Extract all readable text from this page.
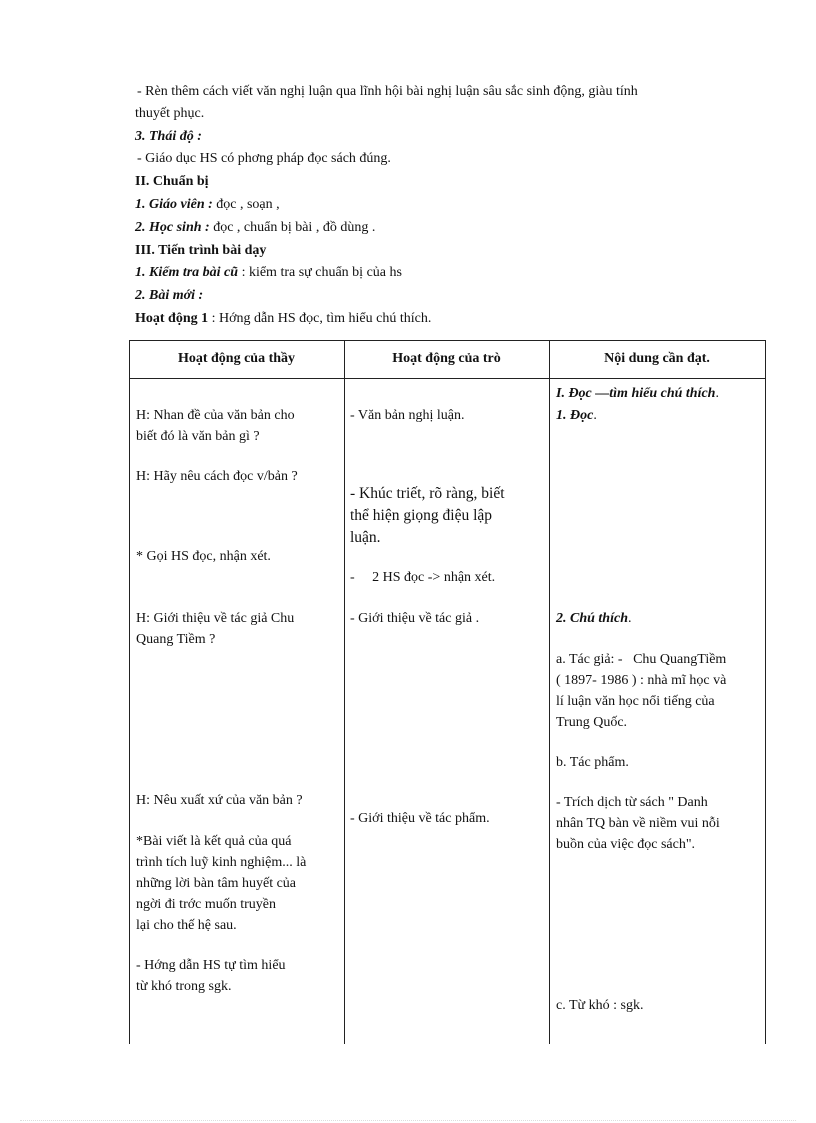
- Rèn thêm cách viết văn nghị luận qua lĩnh hội bài nghị luận sâu sắc sinh động, giàu tính
thuyết phục.
3. Thái độ :
- Giáo dục HS có phơng pháp đọc sách đúng.
II. Chuẩn bị
1. Giáo viên : đọc , soạn ,
2. Học sinh : đọc , chuẩn bị bài , đồ dùng .
III. Tiến trình bài dạy
1. Kiểm tra bài cũ : kiểm tra sự chuẩn bị của hs
2. Bài mới :
Hoạt động 1 : Hớng dẫn HS đọc, tìm hiểu chú thích.
Hoạt động của thầy	Hoạt động của trò	Nội dung cần đạt.
H: Nhan đề của văn bản cho
biết đó là văn bản gì ?
H: Hãy nêu cách đọc v/bản ?
* Gọi HS đọc, nhận xét.
H: Giới thiệu về tác giả Chu
Quang Tiềm ?
H: Nêu xuất xứ của văn bản ?
*Bài viết là kết quả của quá
trình tích luỹ kinh nghiệm... là
những lời bàn tâm huyết của
ngời đi trớc muốn truyền
lại cho thế hệ sau.
- Hớng dẫn HS tự tìm hiểu
từ khó trong sgk.
- Văn bản nghị luận.
- Khúc triết, rõ ràng, biết
thể hiện giọng điệu lập
luận.
-     2 HS đọc -> nhận xét.
- Giới thiệu về tác giả .
- Giới thiệu về tác phẩm.
I. Đọc —tìm hiểu chú thích.
1. Đọc.
2. Chú thích.
a. Tác giả: -   Chu QuangTiềm
( 1897- 1986 ) : nhà mĩ học và
lí luận văn học nổi tiếng của
Trung Quốc.
b. Tác phẩm.
- Trích dịch từ sách " Danh
nhân TQ bàn về niềm vui nỗi
buồn của việc đọc sách".
c. Từ khó : sgk.
